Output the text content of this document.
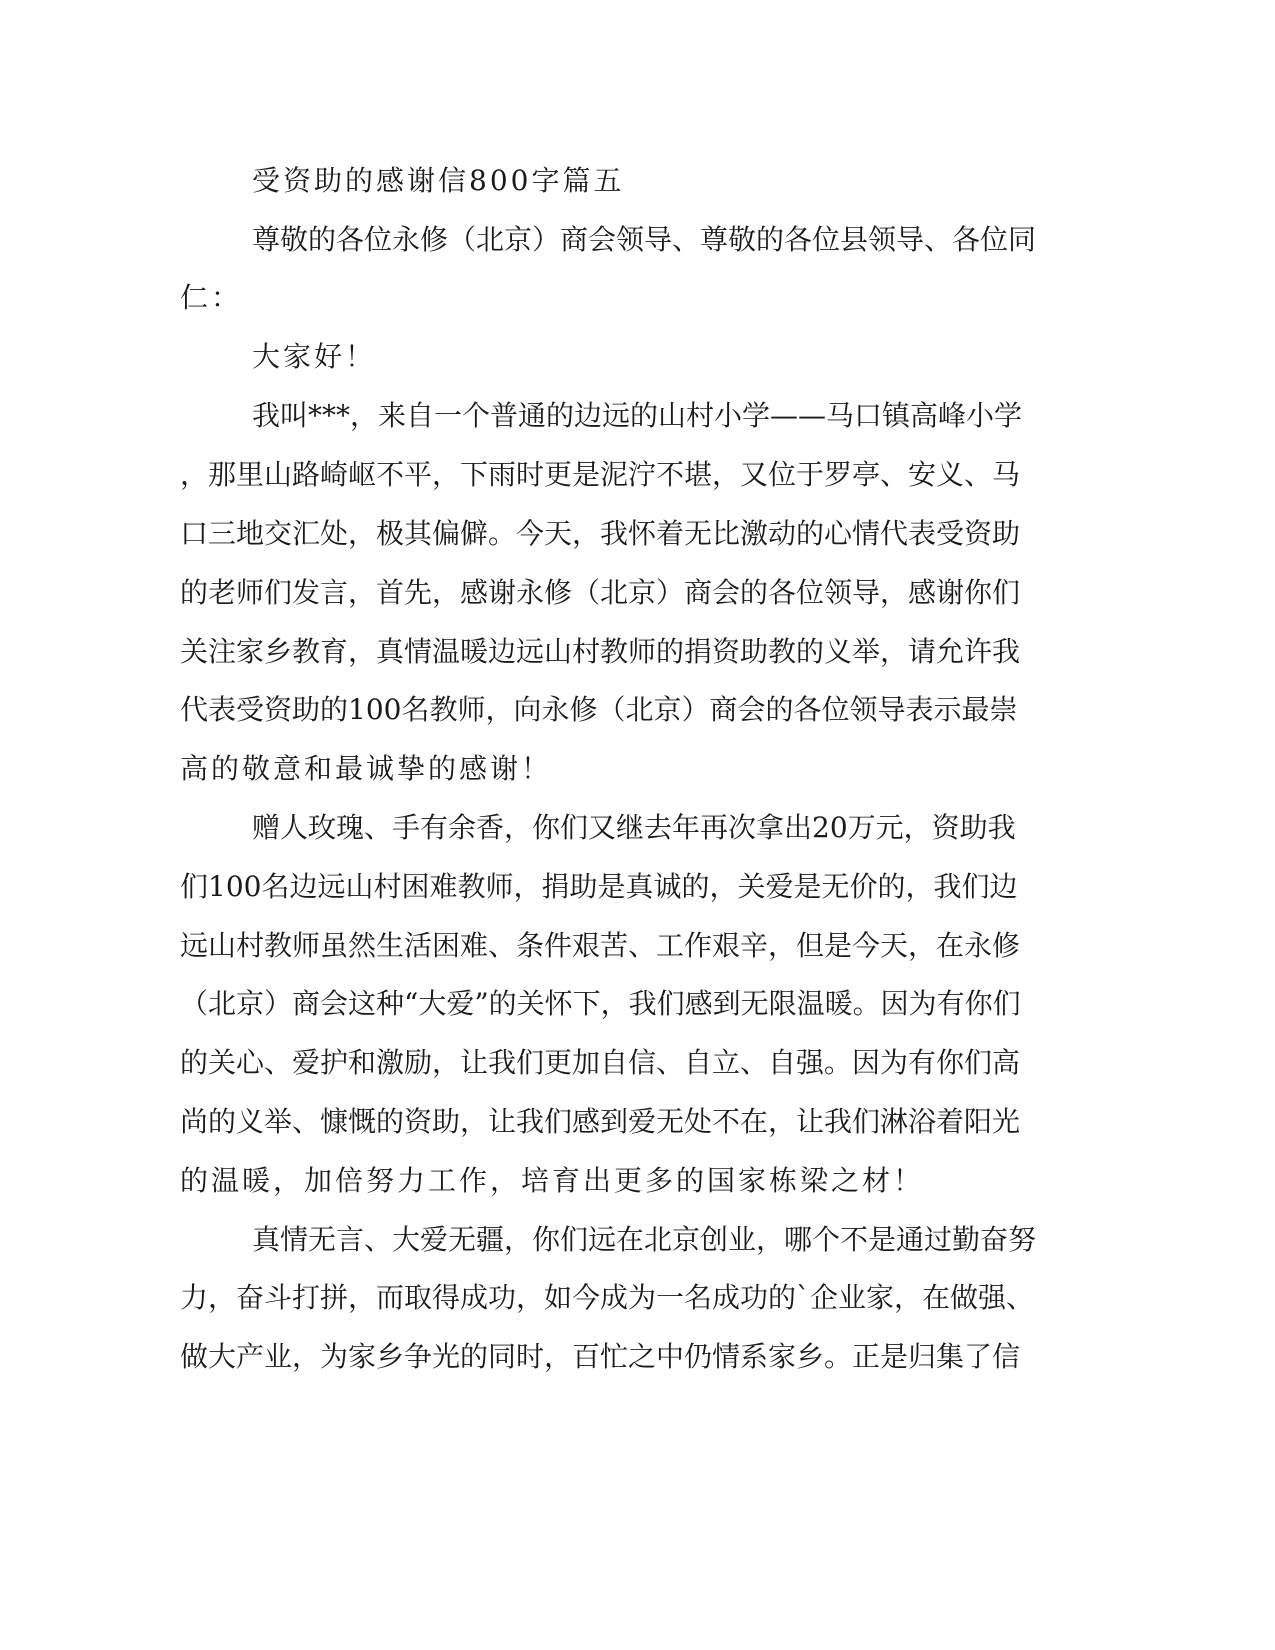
受资助的感谢信800字篇五
尊敬的各位永修（北京）商会领导、尊敬的各位县领导、各位同
仁：
大家好！
我叫***，来自一个普通的边远的山村小学——马口镇高峰小学
，那里山路崎岖不平，下雨时更是泥泞不堪，又位于罗亭、安义、马
口三地交汇处，极其偏僻。今天，我怀着无比激动的心情代表受资助
的老师们发言，首先，感谢永修（北京）商会的各位领导，感谢你们
关注家乡教育，真情温暖边远山村教师的捐资助教的义举，请允许我
代表受资助的100名教师，向永修（北京）商会的各位领导表示最崇
高的敬意和最诚挚的感谢！
赠人玫瑰、手有余香，你们又继去年再次拿出20万元，资助我
们100名边远山村困难教师，捐助是真诚的，关爱是无价的，我们边
远山村教师虽然生活困难、条件艰苦、工作艰辛，但是今天，在永修
（北京）商会这种“大爱”的关怀下，我们感到无限温暖。因为有你们
的关心、爱护和激励，让我们更加自信、自立、自强。因为有你们高
尚的义举、慷慨的资助，让我们感到爱无处不在，让我们淋浴着阳光
的温暖，加倍努力工作，培育出更多的国家栋梁之材！
真情无言、大爱无疆，你们远在北京创业，哪个不是通过勤奋努
力，奋斗打拼，而取得成功，如今成为一名成功的`企业家，在做强、
做大产业，为家乡争光的同时，百忙之中仍情系家乡。正是归集了信
